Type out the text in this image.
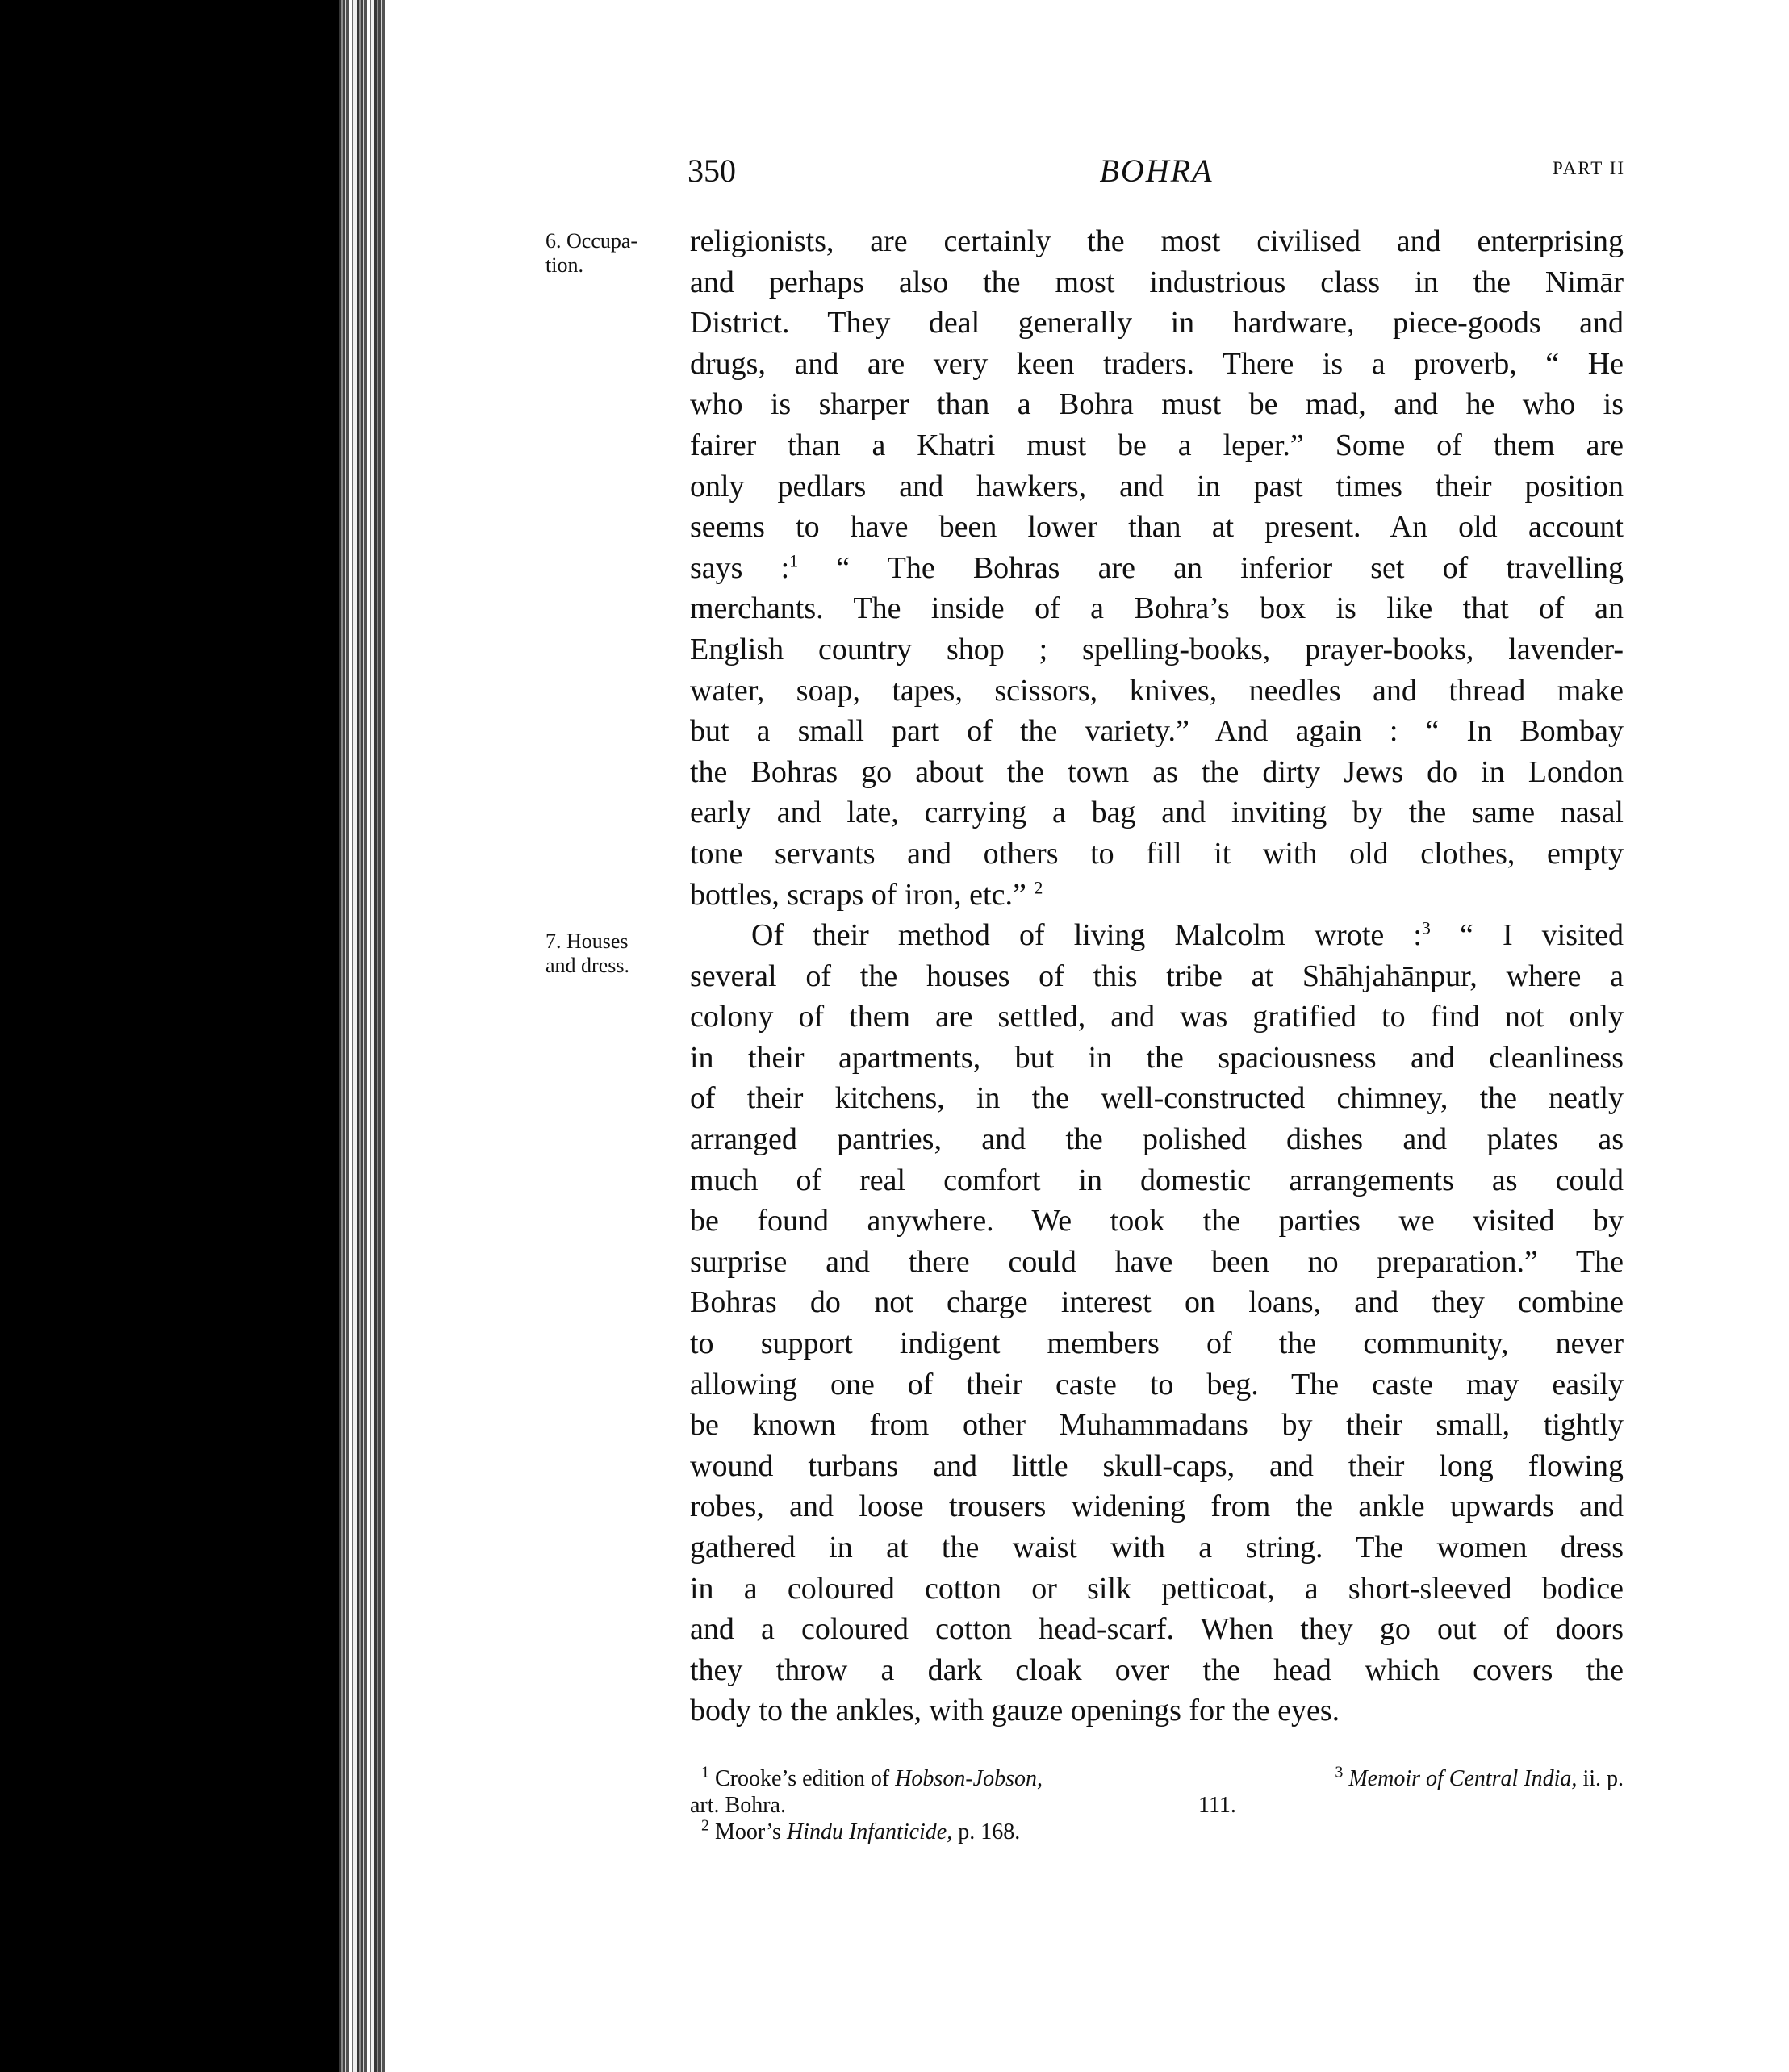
350	BOHRA	PART II
6. Occupa-
tion.
7. Houses
and dress.

religionists, are certainly the most civilised and enterprising

and perhaps also the most industrious class in the Nimār

District. They deal generally in hardware, piece-goods and

drugs, and are very keen traders. There is a proverb, “ He

who is sharper than a Bohra must be mad, and he who is

fairer than a Khatri must be a leper.” Some of them are

only pedlars and hawkers, and in past times their position

seems to have been lower than at present. An old account

says :$^1$ “ The Bohras are an inferior set of travelling

merchants. The inside of a Bohra’s box is like that of an

English country shop ; spelling-books, prayer-books, lavender-

water, soap, tapes, scissors, knives, needles and thread make

but a small part of the variety.” And again : “ In Bombay

the Bohras go about the town as the dirty Jews do in London

early and late, carrying a bag and inviting by the same nasal

tone servants and others to fill it with old clothes, empty

bottles, scraps of iron, etc.” $^2$

Of their method of living Malcolm wrote :$^3$ “ I visited

several of the houses of this tribe at Shāhjahānpur, where a

colony of them are settled, and was gratified to find not only

in their apartments, but in the spaciousness and cleanliness

of their kitchens, in the well-constructed chimney, the neatly

arranged pantries, and the polished dishes and plates as

much of real comfort in domestic arrangements as could

be found anywhere. We took the parties we visited by

surprise and there could have been no preparation.” The

Bohras do not charge interest on loans, and they combine

to support indigent members of the community, never

allowing one of their caste to beg. The caste may easily

be known from other Muhammadans by their small, tightly

wound turbans and little skull-caps, and their long flowing

robes, and loose trousers widening from the ankle upwards and

gathered in at the waist with a string. The women dress

in a coloured cotton or silk petticoat, a short-sleeved bodice

and a coloured cotton head-scarf. When they go out of doors

they throw a dark cloak over the head which covers the

body to the ankles, with gauze openings for the eyes.

$^1$ Crooke’s edition of Hobson-Jobson,	$^3$ Memoir of Central India, ii. p.
art. Bohra.	111.
$^2$ Moor’s Hindu Infanticide, p. 168.
